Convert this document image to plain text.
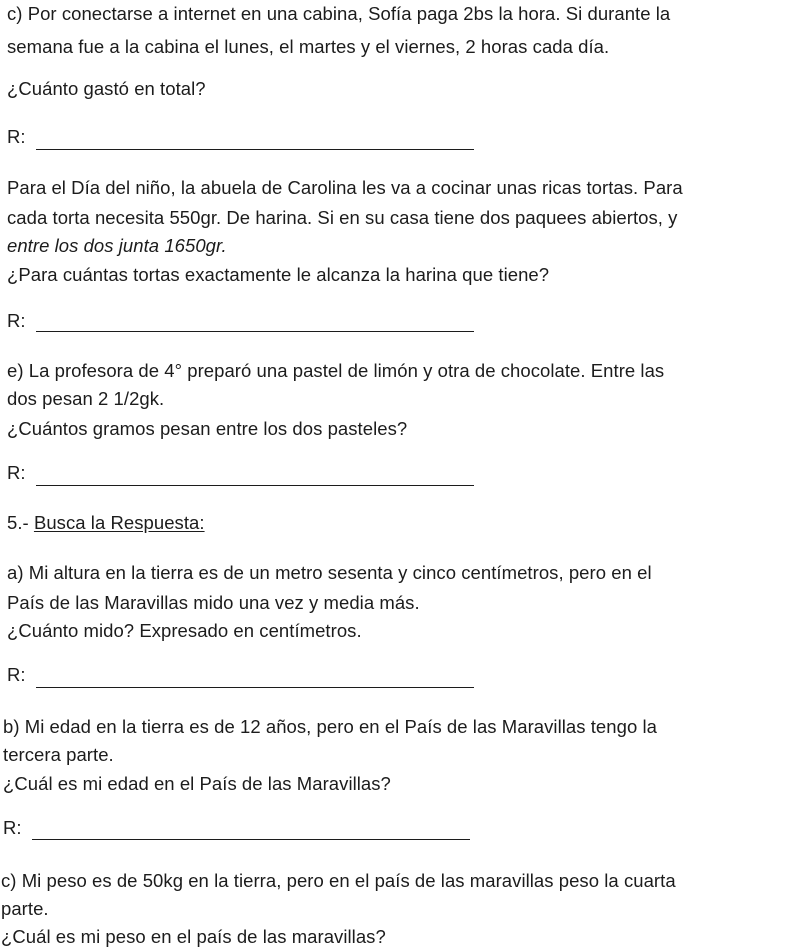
c) Por conectarse a internet en una cabina, Sofía paga 2bs la hora. Si durante la
semana fue a la cabina el lunes, el martes y el viernes, 2 horas cada día.
¿Cuánto gastó en total?
R:
Para el Día del niño, la abuela de Carolina les va a cocinar unas ricas tortas. Para
cada torta necesita 550gr. De harina. Si en su casa tiene dos paquees abiertos, y
entre los dos junta 1650gr.
¿Para cuántas tortas exactamente le alcanza la harina que tiene?
R:
e) La profesora de 4° preparó una pastel de limón y otra de chocolate. Entre las
dos pesan 2 1/2gk.
¿Cuántos gramos pesan entre los dos pasteles?
R:
5.- Busca la Respuesta:
a) Mi altura en la tierra es de un metro sesenta y cinco centímetros, pero en el
País de las Maravillas mido una vez y media más.
¿Cuánto mido? Expresado en centímetros.
R:
b) Mi edad en la tierra es de 12 años, pero en el País de las Maravillas tengo la
tercera parte.
¿Cuál es mi edad en el País de las Maravillas?
R:
c) Mi peso es de 50kg en la tierra, pero en el país de las maravillas peso la cuarta
parte.
¿Cuál es mi peso en el país de las maravillas?
